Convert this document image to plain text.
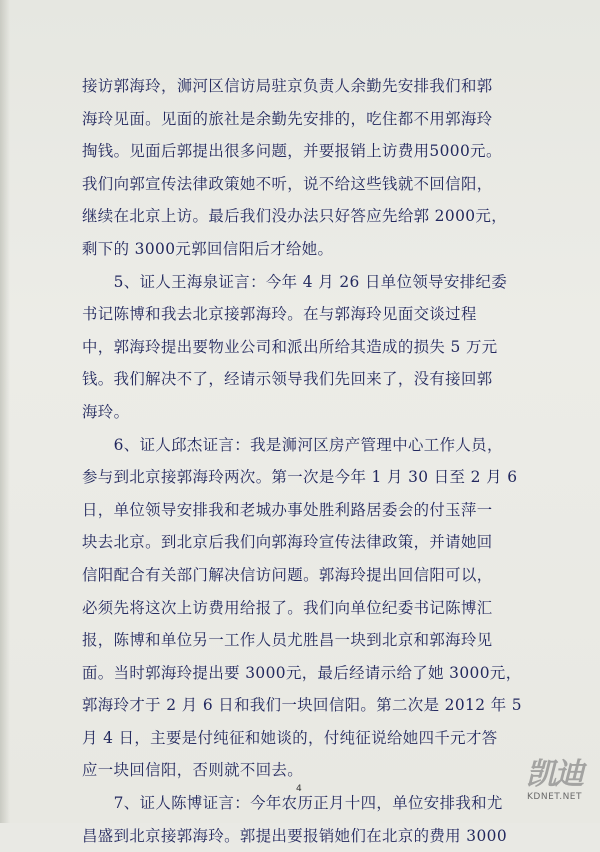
接访郭海玲，浉河区信访局驻京负责人余勤先安排我们和郭
海玲见面。见面的旅社是余勤先安排的，吃住都不用郭海玲
掏钱。见面后郭提出很多问题，并要报销上访费用5000元。
我们向郭宣传法律政策她不听，说不给这些钱就不回信阳，
继续在北京上访。最后我们没办法只好答应先给郭 2000元，
剩下的 3000元郭回信阳后才给她。
　　5、证人王海泉证言：今年 4 月 26 日单位领导安排纪委
书记陈博和我去北京接郭海玲。在与郭海玲见面交谈过程
中，郭海玲提出要物业公司和派出所给其造成的损失 5 万元
钱。我们解决不了，经请示领导我们先回来了，没有接回郭
海玲。
　　6、证人邱杰证言：我是浉河区房产管理中心工作人员，
参与到北京接郭海玲两次。第一次是今年 1 月 30 日至 2 月 6
日，单位领导安排我和老城办事处胜利路居委会的付玉萍一
块去北京。到北京后我们向郭海玲宣传法律政策，并请她回
信阳配合有关部门解决信访问题。郭海玲提出回信阳可以，
必须先将这次上访费用给报了。我们向单位纪委书记陈博汇
报，陈博和单位另一工作人员尤胜昌一块到北京和郭海玲见
面。当时郭海玲提出要 3000元，最后经请示给了她 3000元，
郭海玲才于 2 月 6 日和我们一块回信阳。第二次是 2012 年 5
月 4 日，主要是付纯征和她谈的，付纯征说给她四千元才答
应一块回信阳，否则就不回去。
　　7、证人陈博证言：今年农历正月十四，单位安排我和尤
昌盛到北京接郭海玲。郭提出要报销她们在北京的费用 3000
4	凯迪
KDNET.NET
